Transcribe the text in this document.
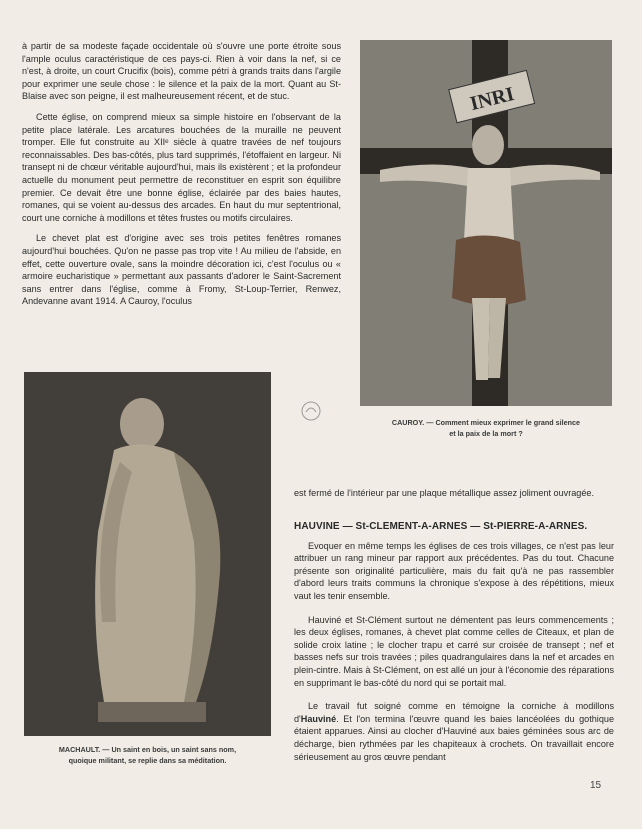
à partir de sa modeste façade occidentale où s'ouvre une porte étroite sous l'ample oculus caractéristique de ces pays-ci. Rien à voir dans la nef, si ce n'est, à droite, un court Crucifix (bois), comme pétri à grands traits dans l'argile pour exprimer une seule chose : le silence et la paix de la mort. Quant au St-Blaise avec son peigne, il est malheureusement récent, et de stuc.

Cette église, on comprend mieux sa simple histoire en l'observant de la petite place latérale. Les arcatures bouchées de la muraille ne peuvent tromper. Elle fut construite au XIIᵉ siècle à quatre travées de nef toujours reconnaissables. Des bas-côtés, plus tard supprimés, l'étoffaient en largeur. Ni transept ni de chœur véritable aujourd'hui, mais ils existèrent ; et la profondeur actuelle du monument peut permettre de reconstituer en esprit son équilibre premier. Ce devait être une bonne église, éclairée par des baies hautes, romanes, qui se voient au-dessus des arcades. En haut du mur septentrional, court une corniche à modillons et têtes frustes ou motifs circulaires.

Le chevet plat est d'origine avec ses trois petites fenêtres romanes aujourd'hui bouchées. Qu'on ne passe pas trop vite ! Au milieu de l'abside, en effet, cette ouverture ovale, sans la moindre décoration ici, c'est l'oculus ou « armoire eucharistique » permettant aux passants d'adorer le Saint-Sacrement sans entrer dans l'église, comme à Fromy, St-Loup-Terrier, Renwez, Andevanne avant 1914. A Cauroy, l'oculus

INRI
CAUROY. — Comment mieux exprimer le grand silence
et la paix de la mort ?
MACHAULT. — Un saint en bois, un saint sans nom,
quoique militant, se replie dans sa méditation.

est fermé de l'intérieur par une plaque métallique assez joliment ouvragée.

Evoquer en même temps les églises de ces trois villages, ce n'est pas leur attribuer un rang mineur par rapport aux précédentes. Pas du tout. Chacune présente son originalité particulière, mais du fait qu'à ne pas rassembler d'abord leurs traits communs la chronique s'expose à des répétitions, mieux vaut les tenir ensemble.

Hauviné et St-Clément surtout ne démentent pas leurs commencements ; les deux églises, romanes, à chevet plat comme celles de Citeaux, et plan de solide croix latine ; le clocher trapu et carré sur croisée de transept ; nef et basses nefs sur trois travées ; piles quadrangulaires dans la nef et arcades en plein-cintre. Mais à St-Clément, on est allé un jour à l'économie des réparations en supprimant le bas-côté du nord qui se portait mal.

Le travail fut soigné comme en témoigne la corniche à modillons d'Hauviné. Et l'on termina l'œuvre quand les baies lancéolées du gothique étaient apparues. Ainsi au clocher d'Hauviné aux baies géminées sous arc de décharge, bien rythmées par les chapiteaux à crochets. On travaillait encore sérieusement au gros œuvre pendant

HAUVINE — St-CLEMENT-A-ARNES — St-PIERRE-A-ARNES.
15
